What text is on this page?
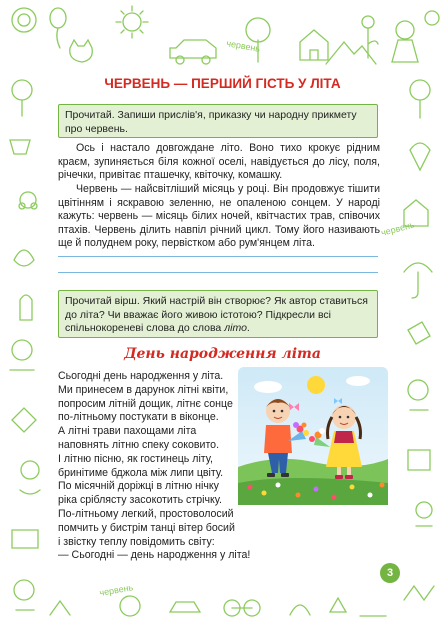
червень
червень
червень
ЧЕРВЕНЬ — ПЕРШИЙ ГІСТЬ У ЛІТА
Прочитай. Запиши прислів'я, приказку чи народну прикмету про червень.

Ось і настало довгождане літо. Воно тихо крокує рідним краєм, зупиняється біля кожної оселі, навідується до лісу, поля, річечки, привітає пташечку, квіточку, комашку.

Червень — найсвітліший місяць у році. Він продовжує тішити цвітінням і яскравою зеленню, не опаленою сонцем. У народі кажуть: червень — місяць білих ночей, квітчастих трав, співочих птахів. Червень ділить навпіл річний цикл. Тому його називають ще й полуднем року, первістком або рум'янцем літа.

Прочитай вірш. Який настрій він створює? Як автор ставиться до літа? Чи вважає його живою істотою? Підкресли всі спільнокореневі слова до слова літо.
День народження літа
Сьогодні день народження у літа.
Ми принесем в дарунок літні квіти,
попросим літній дощик, літнє сонце
по-літньому постукати в віконце.
А літні трави пахощами літа
наповнять літню спеку соковито.
І літню пісню, як гостинець літу,
бринітиме бджола між липи цвіту.
По місячній доріжці в літню нічку
ріка сріблясту засокотить стрічку.
По-літньому легкий, простоволосий
помчить у бистрім танці вітер босий
і звістку теплу повідомить світу:
— Сьогодні — день народження у літа!
3
